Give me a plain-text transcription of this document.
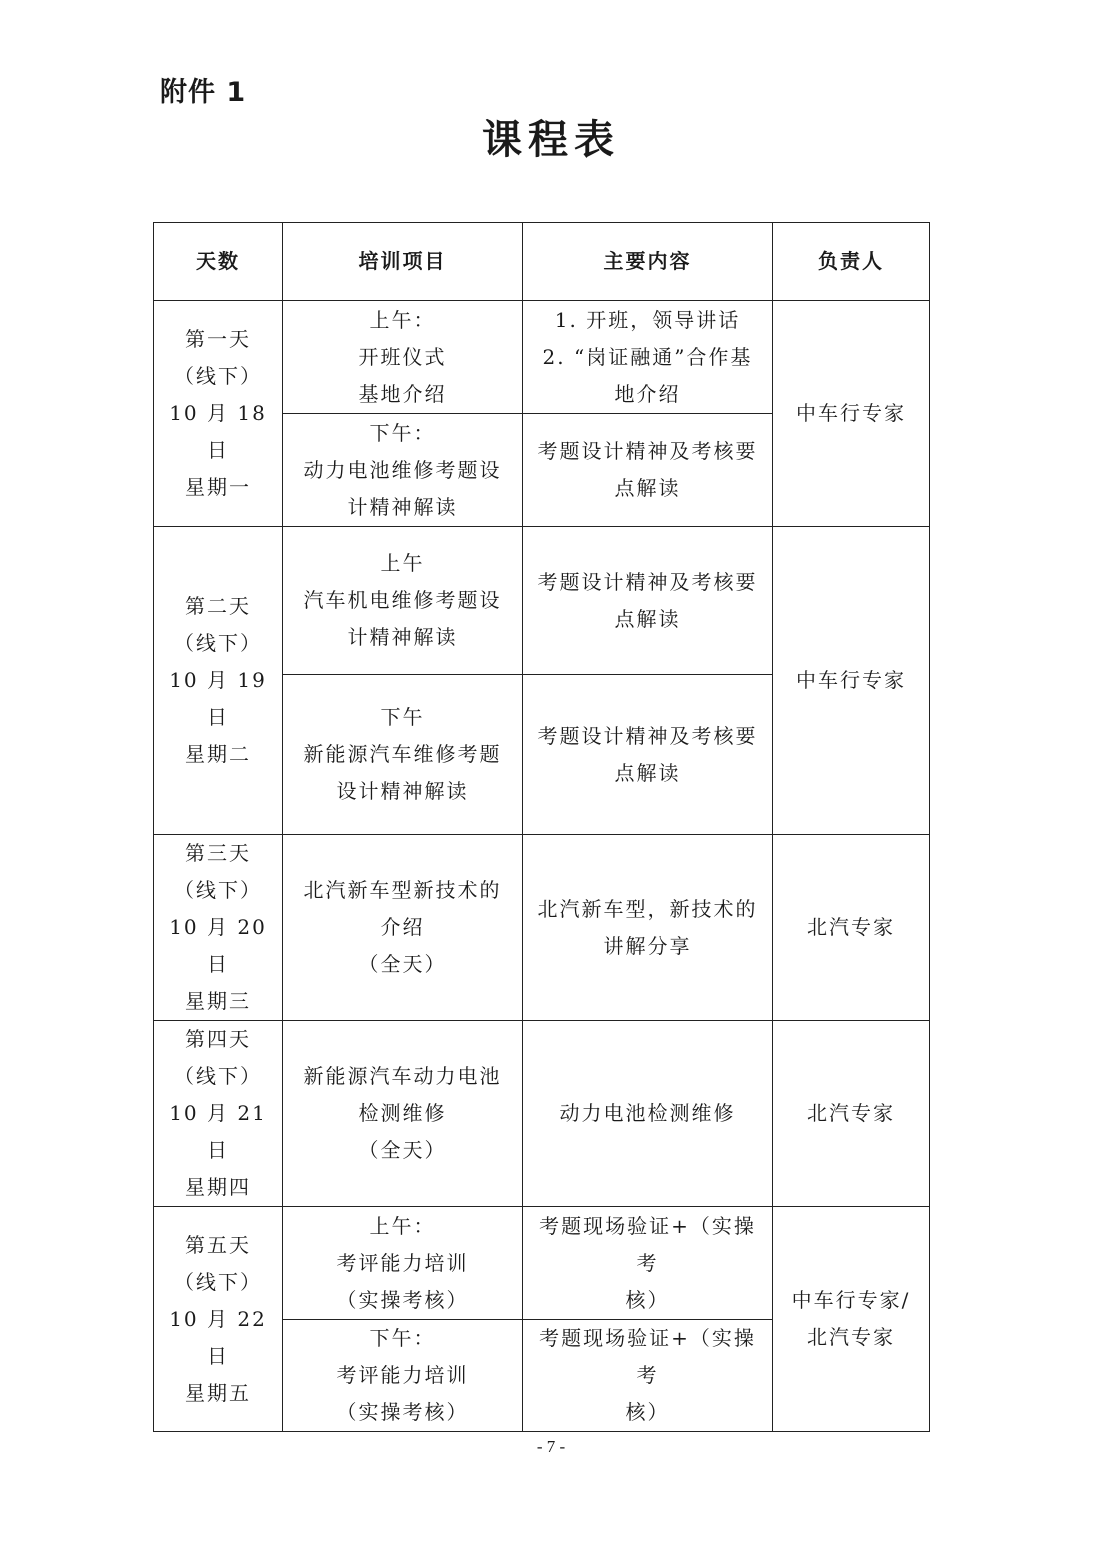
附件 1
课程表
天数	培训项目	主要内容	负责人

第一天
（线下）
10 月 18 日
星期一	上午：
开班仪式
基地介绍	1. 开班，领导讲话
2. “岗证融通”合作基
地介绍	中车行专家

	下午：
动力电池维修考题设
计精神解读	考题设计精神及考核要
点解读	

第二天
（线下）
10 月 19 日
星期二	上午
汽车机电维修考题设
计精神解读	考题设计精神及考核要
点解读	中车行专家

	下午
新能源汽车维修考题
设计精神解读	考题设计精神及考核要
点解读	

第三天
（线下）
10 月 20 日
星期三	北汽新车型新技术的
介绍
（全天）	北汽新车型，新技术的
讲解分享	北汽专家

第四天
（线下）
10 月 21 日
星期四	新能源汽车动力电池
检测维修
（全天）	动力电池检测维修	北汽专家

第五天
（线下）
10 月 22 日
星期五	上午：
考评能力培训
（实操考核）	考题现场验证+（实操考
核）	中车行专家/
北汽专家

	下午：
考评能力培训
（实操考核）	考题现场验证+（实操考
核）	
- 7 -
